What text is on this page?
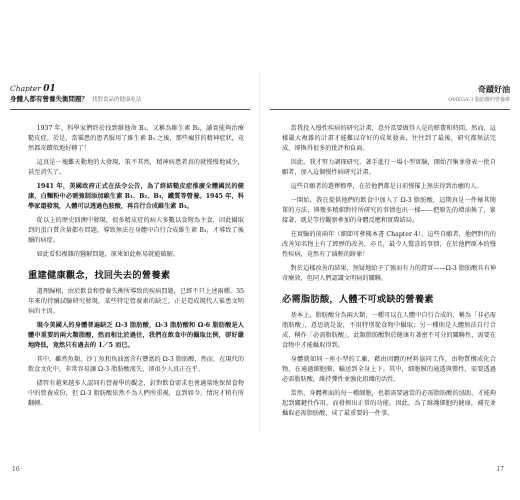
Chapter 01
身體人都有營養失衡問題？ 找對食品的健康吃法

1937 年，科學家們終於找到維他命 B₃，又稱為維生素 B₃，讀實能夠治療糙皮症。於是，當罹患的患者服用了維生素 B₃ 之後，那些瘋狂的精神症狀，竟然都奇蹟似地好轉了！

這真是一塊難天動地的大發現，策不其然，精神病患者真的就慢慢地減少，甚至消失了。

1941 年，美國政府正式在法令公告，為了終結糙皮症推廣全體國民的健康，白麵粉中必需強制添加維生素 B₁、B₂、B₃，鐵質等營養。1945 年，科學家還發現，人體可以透過色胺酸，再自行合成維生素 B₃。

從以上的歷史回溯中發現，很多精皮症的病人多數以食物為主食，因此攝取到的蛋白質含量都有問題，導致無法在身體中自行合成維生素 B₃，才導致了後續的病症。

如此看似複雜的醫解問題，原來如此輕易就能破解。

重建健康觀念，找回失去的營養素

道理歸根，由於飲食和營養失衡所導致的疾病問題，已經不只上述兩種。35 年來的持續試驗研究發現，某些特定營養素的缺乏，正是造成現代人罹患文明病的主因。

現今美國人的身體普遍缺乏 Ω-3 脂肪酸，Ω-3 脂肪酸和 Ω-6 脂肪酸是人體中重要的兩大類脂酸，然而相比於過往，我們在飲食中的攝取比例，卻好嚴地降低，竟然只有過去的 1／5 而已。

其中，雖然魚類、沙丁魚和魚油富含有豐富的 Ω-3 脂肪酸，然而，在現代的飲食文化中，非常容易讓 Ω-3 脂肪酸流失，卻很少人真正在乎。

儘管有越來越多人認同有營養學的觀念，針對飲食需求也會適量地保留食物中的營養成份，但 Ω-3 脂肪酸依然不為人們所重視，直到如今，情況才稍有所翻轉。

16
奇蹟好油
OMEGA-3 脂肪酸的營養療

當我投入慢性疾病的研究計畫，意外當要做得人是的經費和時間，然而，這樣嚴大複雜的計畫才能難以存好的成果發表，往往到了最後，研究都無法完成，卻換得很多的批評和負面。

因此，我才努力調探研究，著手進行一場小型實驗，開始召集並發表一批自願者，加入這個慢性病研究計畫。

這些自願者的選擇標準，在於他們都是日前慢罹上無法得到治癒的人。

一開始，我在提供他們的飲食中加入了 Ω-3 脂肪酸，這期真是一件極其簡單的方法，與幾多精細對待所研究的事情也出一樣——把原先的增油換了，緊接著，就是等待觀察參加的身體反應和實際結局。

在實驗的前兩年（細節可參閱本書 Chapter 4），這些自願者，他們對仍的改善知名物上有了經歷的改善，亦且，最令人驚喜的事情，在於他們原本的慢性疾病，竟然有了減輕的跡象！

對於這樣改善的結果，無疑地給予了強而有力的證實——Ω-3 脂肪酸具有神奇療效，但同人們認識文明病的關聯。

必需脂肪酸，人體不可或缺的營養素

基本上，脂肪酸分為兩大類，一種可以在人體中自行合成的，稱為「非必需脂肪酸」，意思就是說，不用特別從食物中攝取；另一種則是人體無法自行合成，稱作「必需脂肪酸」，此類脂肪酸對於健康有著密不可分的關聯性，需要在食物中才能攝取得到。

身體就如同一座小型的工廠，藉由固體的材料協同工作，由物質構成化合物，在通過細胞膜，輸送到全身上下。其中，細胞膜的通透與彈性，需要透過必需脂肪酸，維持彈性並強化組織的活性。

當然，身體裡面的每一種細胞，也都需要適當的必需脂肪酸的協助，才能夠起到關鍵性作用，而發揮出正常的功能。因此，為了維護細胞的健康，補充並攝取必需脂肪酸，成了最重要的一件事。

17
